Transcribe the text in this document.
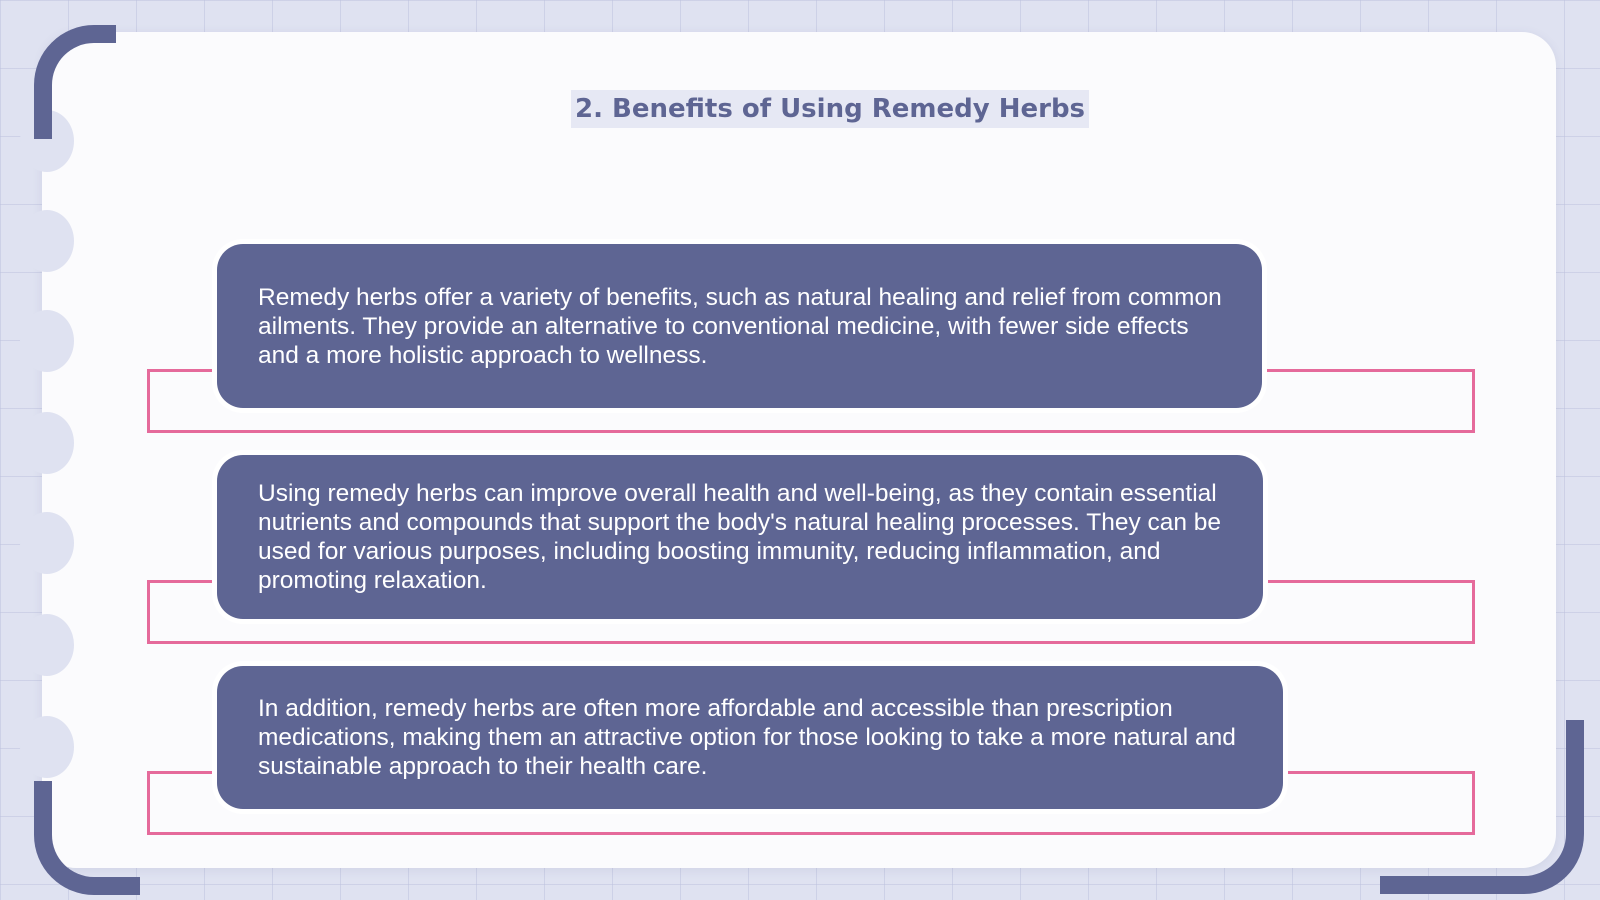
2. Benefits of Using Remedy Herbs
Remedy herbs offer a variety of benefits, such as natural healing and relief from common ailments. They provide an alternative to conventional medicine, with fewer side effects and a more holistic approach to wellness.
Using remedy herbs can improve overall health and well-being, as they contain essential nutrients and compounds that support the body's natural healing processes. They can be used for various purposes, including boosting immunity, reducing inflammation, and promoting relaxation.
In addition, remedy herbs are often more affordable and accessible than prescription medications, making them an attractive option for those looking to take a more natural and sustainable approach to their health care.
